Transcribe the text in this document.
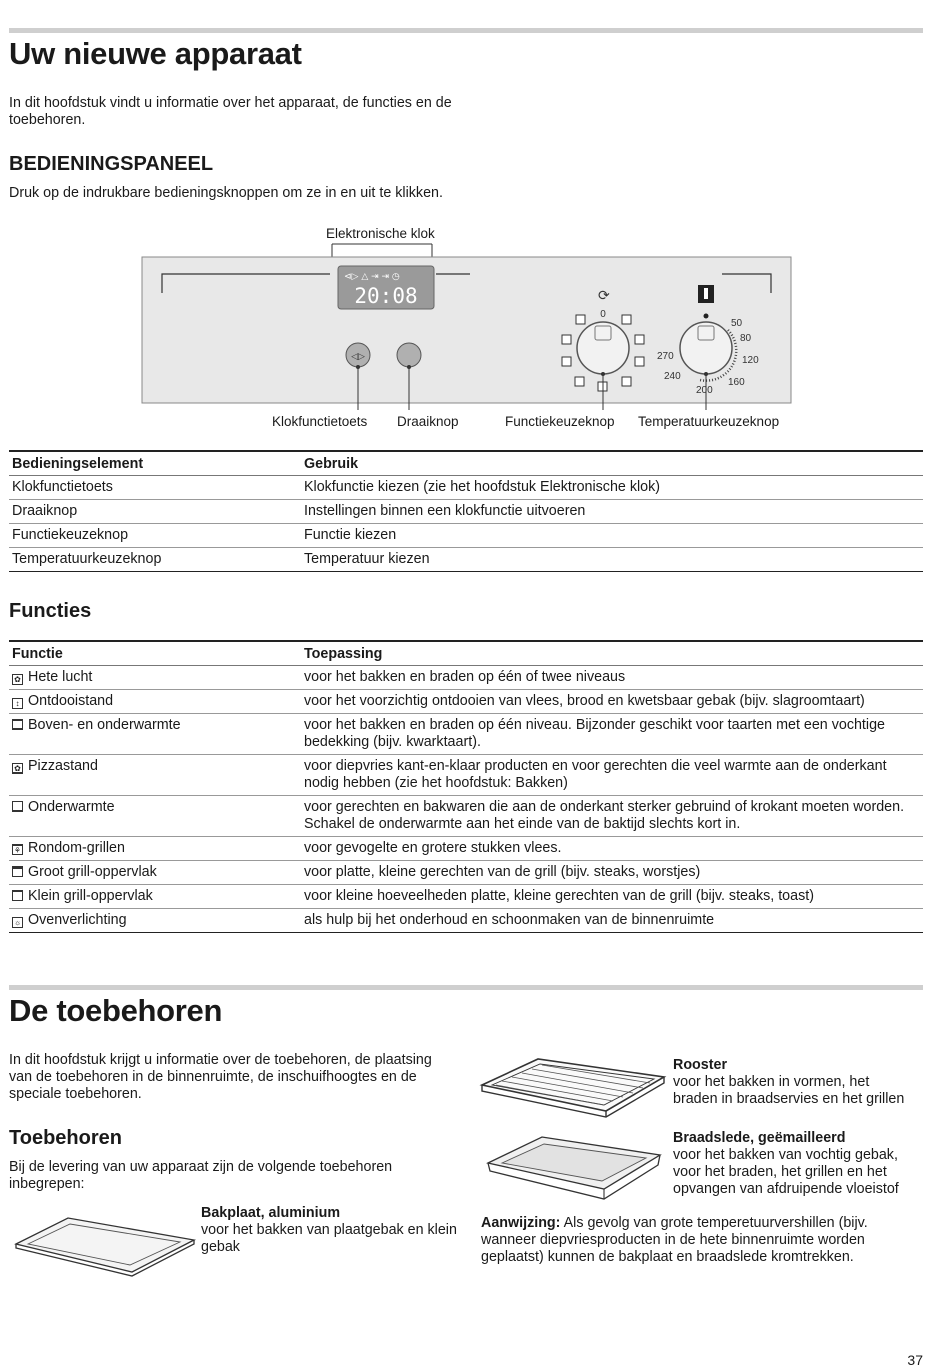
Uw nieuwe apparaat

In dit hoofdstuk vindt u informatie over het apparaat, de functies en de toebehoren.

BEDIENINGSPANEEL

Druk op de indrukbare bedieningsknoppen om ze in en uit te klikken.

Elektronische klok
⊲▷ △ ⇥ ⇥ ◷
20:08
◁▷
⟳
0
50
80
120
160
200
240
270
Klokfunctietoets Draaiknop	Functiekeuzeknop Temperatuurkeuzeknop
Bedieningselement	Gebruik
Klokfunctietoets	Klokfunctie kiezen (zie het hoofdstuk Elektronische klok)
Draaiknop	Instellingen binnen een klokfunctie uitvoeren
Functiekeuzeknop	Functie kiezen
Temperatuurkeuzeknop	Temperatuur kiezen
Functies
Functie	Toepassing
✿ Hete lucht	voor het bakken en braden op één of twee niveaus
↕ Ontdooistand	voor het voorzichtig ontdooien van vlees, brood en kwetsbaar gebak (bijv. slagroomtaart)
Boven- en onderwarmte	voor het bakken en braden op één niveau. Bijzonder geschikt voor taarten met een vochtige bedekking (bijv. kwarktaart).
✿ Pizzastand	voor diepvries kant-en-klaar producten en voor gerechten die veel warmte aan de onderkant nodig hebben (zie het hoofdstuk: Bakken)
Onderwarmte	voor gerechten en bakwaren die aan de onderkant sterker gebruind of krokant moeten worden. Schakel de onderwarmte aan het einde van de baktijd slechts kort in.
⚘ Rondom-grillen	voor gevogelte en grotere stukken vlees.
Groot grill-oppervlak	voor platte, kleine gerechten van de grill (bijv. steaks, worstjes)
Klein grill-oppervlak	voor kleine hoeveelheden platte, kleine gerechten van de grill (bijv. steaks, toast)
☼ Ovenverlichting	als hulp bij het onderhoud en schoonmaken van de binnenruimte
De toebehoren

In dit hoofdstuk krijgt u informatie over de toebehoren, de plaatsing van de toebehoren in de binnenruimte, de inschuifhoogtes en de speciale toebehoren.

Toebehoren

Bij de levering van uw apparaat zijn de volgende toebehoren inbegrepen:

Bakplaat, aluminium
voor het bakken van plaatgebak en klein gebak
Rooster
voor het bakken in vormen, het braden in braadservies en het grillen
Braadslede, geëmailleerd
voor het bakken van vochtig gebak, voor het braden, het grillen en het opvangen van afdruipende vloeistof

Aanwijzing: Als gevolg van grote temperetuurvershillen (bijv. wanneer diepvriesproducten in de hete binnenruimte worden geplaatst) kunnen de bakplaat en braadslede kromtrekken.

37
